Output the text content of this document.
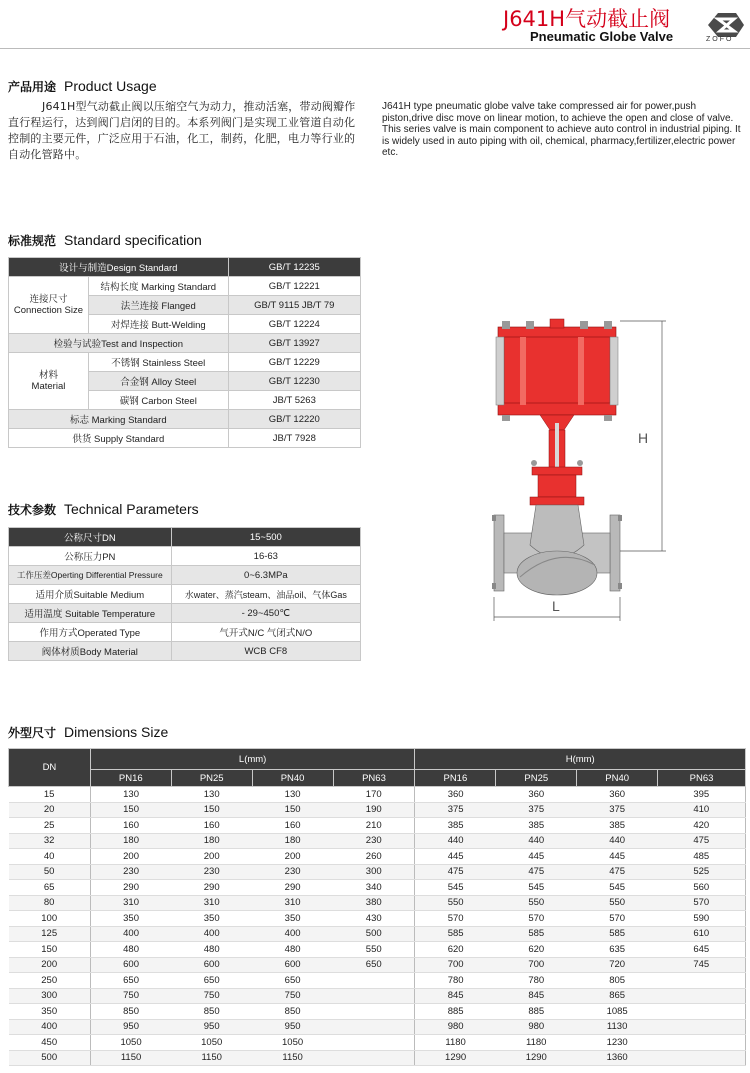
J641H气动截止阀
Pneumatic Globe Valve	ZOFO
产品用途 Product Usage
J641H型气动截止阀以压缩空气为动力，推动活塞，带动阀瓣作直行程运行，达到阀门启闭的目的。本系列阀门是实现工业管道自动化控制的主要元件，广泛应用于石油，化工，制药，化肥，电力等行业的自动化管路中。
J641H type pneumatic globe valve take compressed air for power,push piston,drive disc move on linear motion, to achieve the open and close of valve. This series valve is main component to achieve auto control in industrial piping. It is widely used in auto piping with oil, chemical, pharmacy,fertilizer,electric power etc.
标准规范 Standard specification
设计与制造Design Standard		GB/T 12235

连接尺寸
Connection Size	结构长度 Marking Standard	GB/T 12221
	法兰连接 Flanged	GB/T 9115 JB/T 79
	对焊连接 Butt-Welding	GB/T 12224
检验与试验Test and Inspection		GB/T 13927

材料
Material	不锈钢 Stainless Steel	GB/T 12229
	合金钢 Alloy Steel	GB/T 12230
	碳钢 Carbon Steel	JB/T 5263
标志 Marking Standard		GB/T 12220
供货 Supply Standard		JB/T 7928
技术参数 Technical Parameters
公称尺寸DN	15~500
公称压力PN	16-63
工作压差Operting Differential Pressure	0~6.3MPa
适用介质Suitable Medium	水water、蒸汽steam、油品oil、气体Gas
适用温度 Suitable Temperature	- 29~450℃
作用方式Operated Type	气开式N/C 气闭式N/O
阀体材质Body Material	WCB CF8
H
L
外型尺寸 Dimensions Size
DN	L(mm)				H(mm)			
	PN16	PN25	PN40	PN63	PN16	PN25	PN40	PN63
15	130	130	130	170	360	360	360	395
20	150	150	150	190	375	375	375	410
25	160	160	160	210	385	385	385	420
32	180	180	180	230	440	440	440	475
40	200	200	200	260	445	445	445	485
50	230	230	230	300	475	475	475	525
65	290	290	290	340	545	545	545	560
80	310	310	310	380	550	550	550	570
100	350	350	350	430	570	570	570	590
125	400	400	400	500	585	585	585	610
150	480	480	480	550	620	620	635	645
200	600	600	600	650	700	700	720	745
250	650	650	650		780	780	805	
300	750	750	750		845	845	865	
350	850	850	850		885	885	1085	
400	950	950	950		980	980	1130	
450	1050	1050	1050		1180	1180	1230	
500	1150	1150	1150		1290	1290	1360	
